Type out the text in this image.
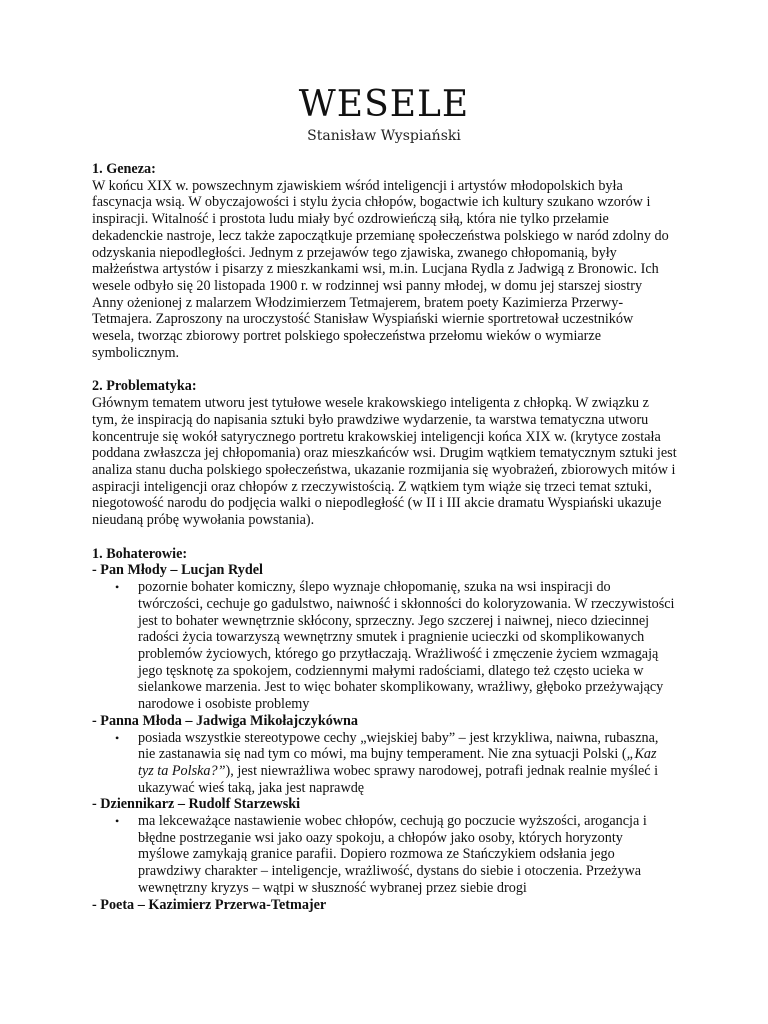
WESELE
Stanisław Wyspiański
1. Geneza:
W końcu XIX w. powszechnym zjawiskiem wśród inteligencji i artystów młodopolskich była
fascynacja wsią. W obyczajowości i stylu życia chłopów, bogactwie ich kultury szukano wzorów i
inspiracji. Witalność i prostota ludu miały być ozdrowieńczą siłą, która nie tylko przełamie
dekadenckie nastroje, lecz także zapoczątkuje przemianę społeczeństwa polskiego w naród zdolny do
odzyskania niepodległości. Jednym z przejawów tego zjawiska, zwanego chłopomanią, były
małżeństwa artystów i pisarzy z mieszkankami wsi, m.in. Lucjana Rydla z Jadwigą z Bronowic. Ich
wesele odbyło się 20 listopada 1900 r. w rodzinnej wsi panny młodej, w domu jej starszej siostry
Anny ożenionej z malarzem Włodzimierzem Tetmajerem, bratem poety Kazimierza Przerwy-
Tetmajera. Zaproszony na uroczystość Stanisław Wyspiański wiernie sportretował uczestników
wesela, tworząc zbiorowy portret polskiego społeczeństwa przełomu wieków o wymiarze
symbolicznym.
2. Problematyka:
Głównym tematem utworu jest tytułowe wesele krakowskiego inteligenta z chłopką. W związku z
tym, że inspiracją do napisania sztuki było prawdziwe wydarzenie, ta warstwa tematyczna utworu
koncentruje się wokół satyrycznego portretu krakowskiej inteligencji końca XIX w. (krytyce została
poddana zwłaszcza jej chłopomania) oraz mieszkańców wsi. Drugim wątkiem tematycznym sztuki jest
analiza stanu ducha polskiego społeczeństwa, ukazanie rozmijania się wyobrażeń, zbiorowych mitów i
aspiracji inteligencji oraz chłopów z rzeczywistością. Z wątkiem tym wiąże się trzeci temat sztuki,
niegotowość narodu do podjęcia walki o niepodległość (w II i III akcie dramatu Wyspiański ukazuje
nieudaną próbę wywołania powstania).
1. Bohaterowie:
- Pan Młody – Lucjan Rydel
• pozornie bohater komiczny, ślepo wyznaje chłopomanię, szuka na wsi inspiracji do
twórczości, cechuje go gadulstwo, naiwność i skłonności do koloryzowania. W rzeczywistości
jest to bohater wewnętrznie skłócony, sprzeczny. Jego szczerej i naiwnej, nieco dziecinnej
radości życia towarzyszą wewnętrzny smutek i pragnienie ucieczki od skomplikowanych
problemów życiowych, którego go przytłaczają. Wrażliwość i zmęczenie życiem wzmagają
jego tęsknotę za spokojem, codziennymi małymi radościami, dlatego też często ucieka w
sielankowe marzenia. Jest to więc bohater skomplikowany, wrażliwy, głęboko przeżywający
narodowe i osobiste problemy
- Panna Młoda – Jadwiga Mikołajczykówna
• posiada wszystkie stereotypowe cechy „wiejskiej baby” – jest krzykliwa, naiwna, rubaszna,
nie zastanawia się nad tym co mówi, ma bujny temperament. Nie zna sytuacji Polski („Kaz
tyz ta Polska?”), jest niewrażliwa wobec sprawy narodowej, potrafi jednak realnie myśleć i
ukazywać wieś taką, jaka jest naprawdę
- Dziennikarz – Rudolf Starzewski
• ma lekceważące nastawienie wobec chłopów, cechują go poczucie wyższości, arogancja i
błędne postrzeganie wsi jako oazy spokoju, a chłopów jako osoby, których horyzonty
myślowe zamykają granice parafii. Dopiero rozmowa ze Stańczykiem odsłania jego
prawdziwy charakter – inteligencje, wrażliwość, dystans do siebie i otoczenia. Przeżywa
wewnętrzny kryzys – wątpi w słuszność wybranej przez siebie drogi
- Poeta – Kazimierz Przerwa-Tetmajer
